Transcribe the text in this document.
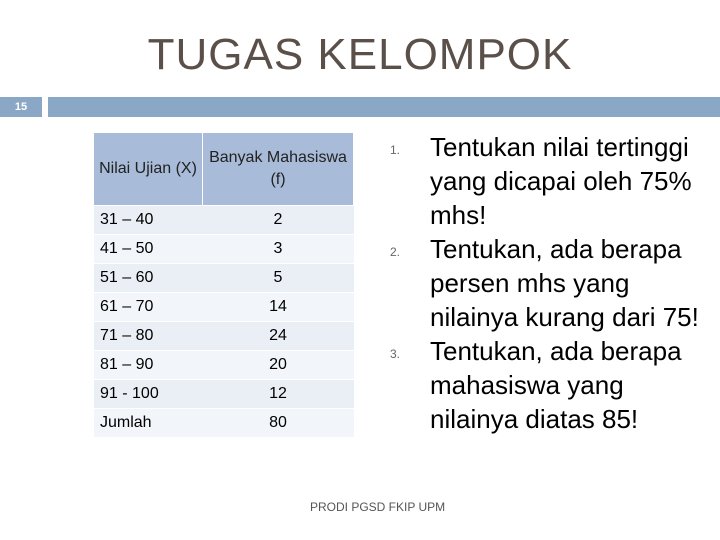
TUGAS KELOMPOK
15
Nilai Ujian (X)	Banyak Mahasiswa (f)
31 – 40	2
41 – 50	3
51 – 60	5
61 – 70	14
71 – 80	24
81 – 90	20
91 - 100	12
Jumlah	80
1. Tentukan nilai tertinggi yang dicapai oleh 75% mhs!
2. Tentukan, ada berapa persen mhs yang nilainya kurang dari 75!
3. Tentukan, ada berapa mahasiswa yang nilainya diatas 85!
PRODI PGSD FKIP UPM
